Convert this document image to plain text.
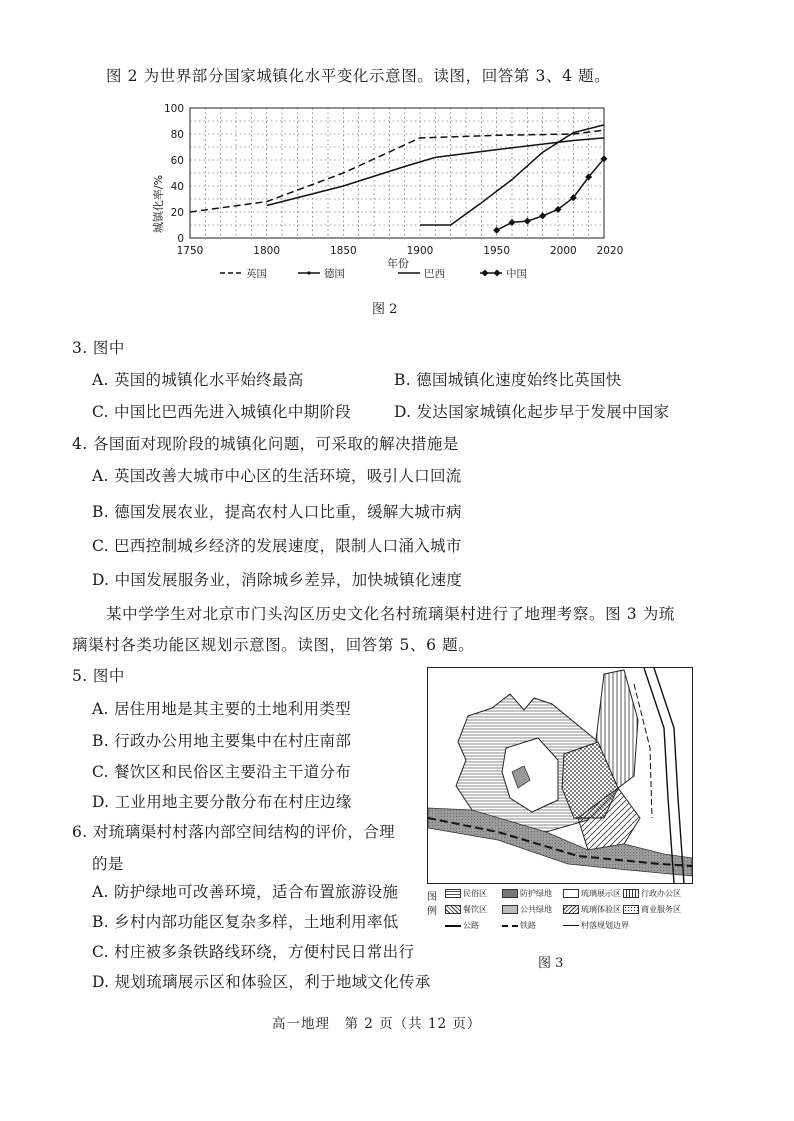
图 2 为世界部分国家城镇化水平变化示意图。读图，回答第 3、4 题。
0
20
40
60
80
100
1750	1800	1850	1900	1950	2000 2020
城镇化率/%
年份
英国	德国	巴西	中国
图 2
3. 图中
A. 英国的城镇化水平始终最高	B. 德国城镇化速度始终比英国快
C. 中国比巴西先进入城镇化中期阶段	D. 发达国家城镇化起步早于发展中国家
4. 各国面对现阶段的城镇化问题，可采取的解决措施是
A. 英国改善大城市中心区的生活环境，吸引人口回流
B. 德国发展农业，提高农村人口比重，缓解大城市病
C. 巴西控制城乡经济的发展速度，限制人口涌入城市
D. 中国发展服务业，消除城乡差异，加快城镇化速度
某中学学生对北京市门头沟区历史文化名村琉璃渠村进行了地理考察。图 3 为琉
璃渠村各类功能区规划示意图。读图，回答第 5、6 题。
5. 图中
A. 居住用地是其主要的土地利用类型
B. 行政办公用地主要集中在村庄南部
C. 餐饮区和民俗区主要沿主干道分布
D. 工业用地主要分散分布在村庄边缘
6. 对琉璃渠村村落内部空间结构的评价，合理
的是
A. 防护绿地可改善环境，适合布置旅游设施
B. 乡村内部功能区复杂多样，土地利用率低
C. 村庄被多条铁路线环绕，方便村民日常出行
D. 规划琉璃展示区和体验区，利于地域文化传承
图
例
民俗区	防护绿地	琉璃展示区	行政办公区
餐饮区	公共绿地	琉璃体验区	商业服务区
公路	铁路	村落规划边界
图 3
高一地理　第 2 页（共 12 页）
